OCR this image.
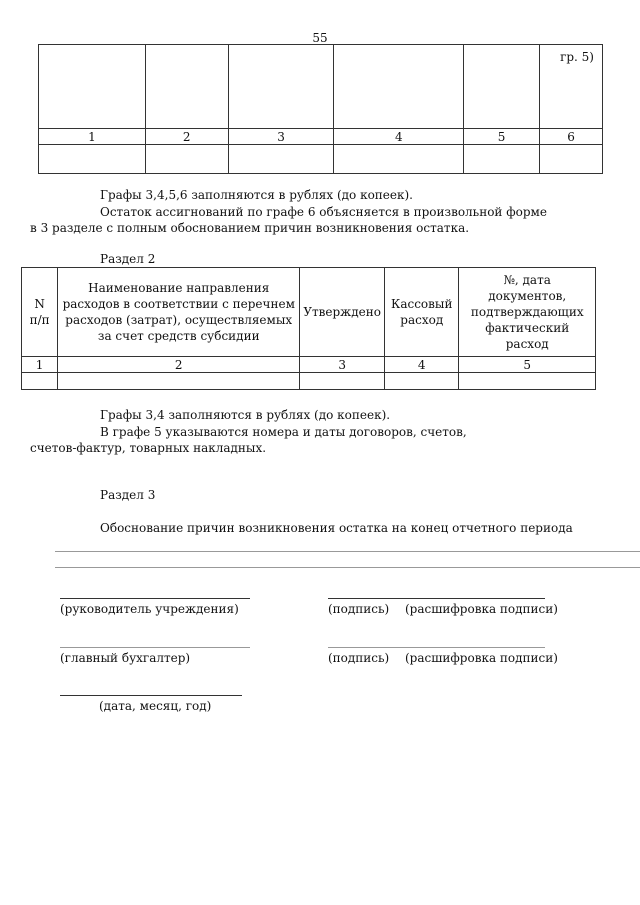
55
					гр. 5)
1	2	3	4	5	6

Графы 3,4,5,6 заполняются в рублях (до копеек).
Остаток ассигнований по графе 6 объясняется в произвольной форме
в 3 разделе с полным обоснованием причин возникновения остатка.
Раздел 2
N
п/п	Наименование направления расходов в соответствии с перечнем расходов (затрат), осуществляемых за счет средств субсидии	Утверждено	Кассовый расход	№, дата документов, подтверждающих фактический расход
1	2	3	4	5

Графы 3,4 заполняются в рублях (до копеек).
В графе 5 указываются номера и даты договоров, счетов,
счетов-фактур, товарных накладных.
Раздел 3
Обоснование причин возникновения остатка на конец отчетного периода
(руководитель учреждения)	(подпись) (расшифровка подписи)
(главный бухгалтер)	(подпись) (расшифровка подписи)
(дата, месяц, год)
